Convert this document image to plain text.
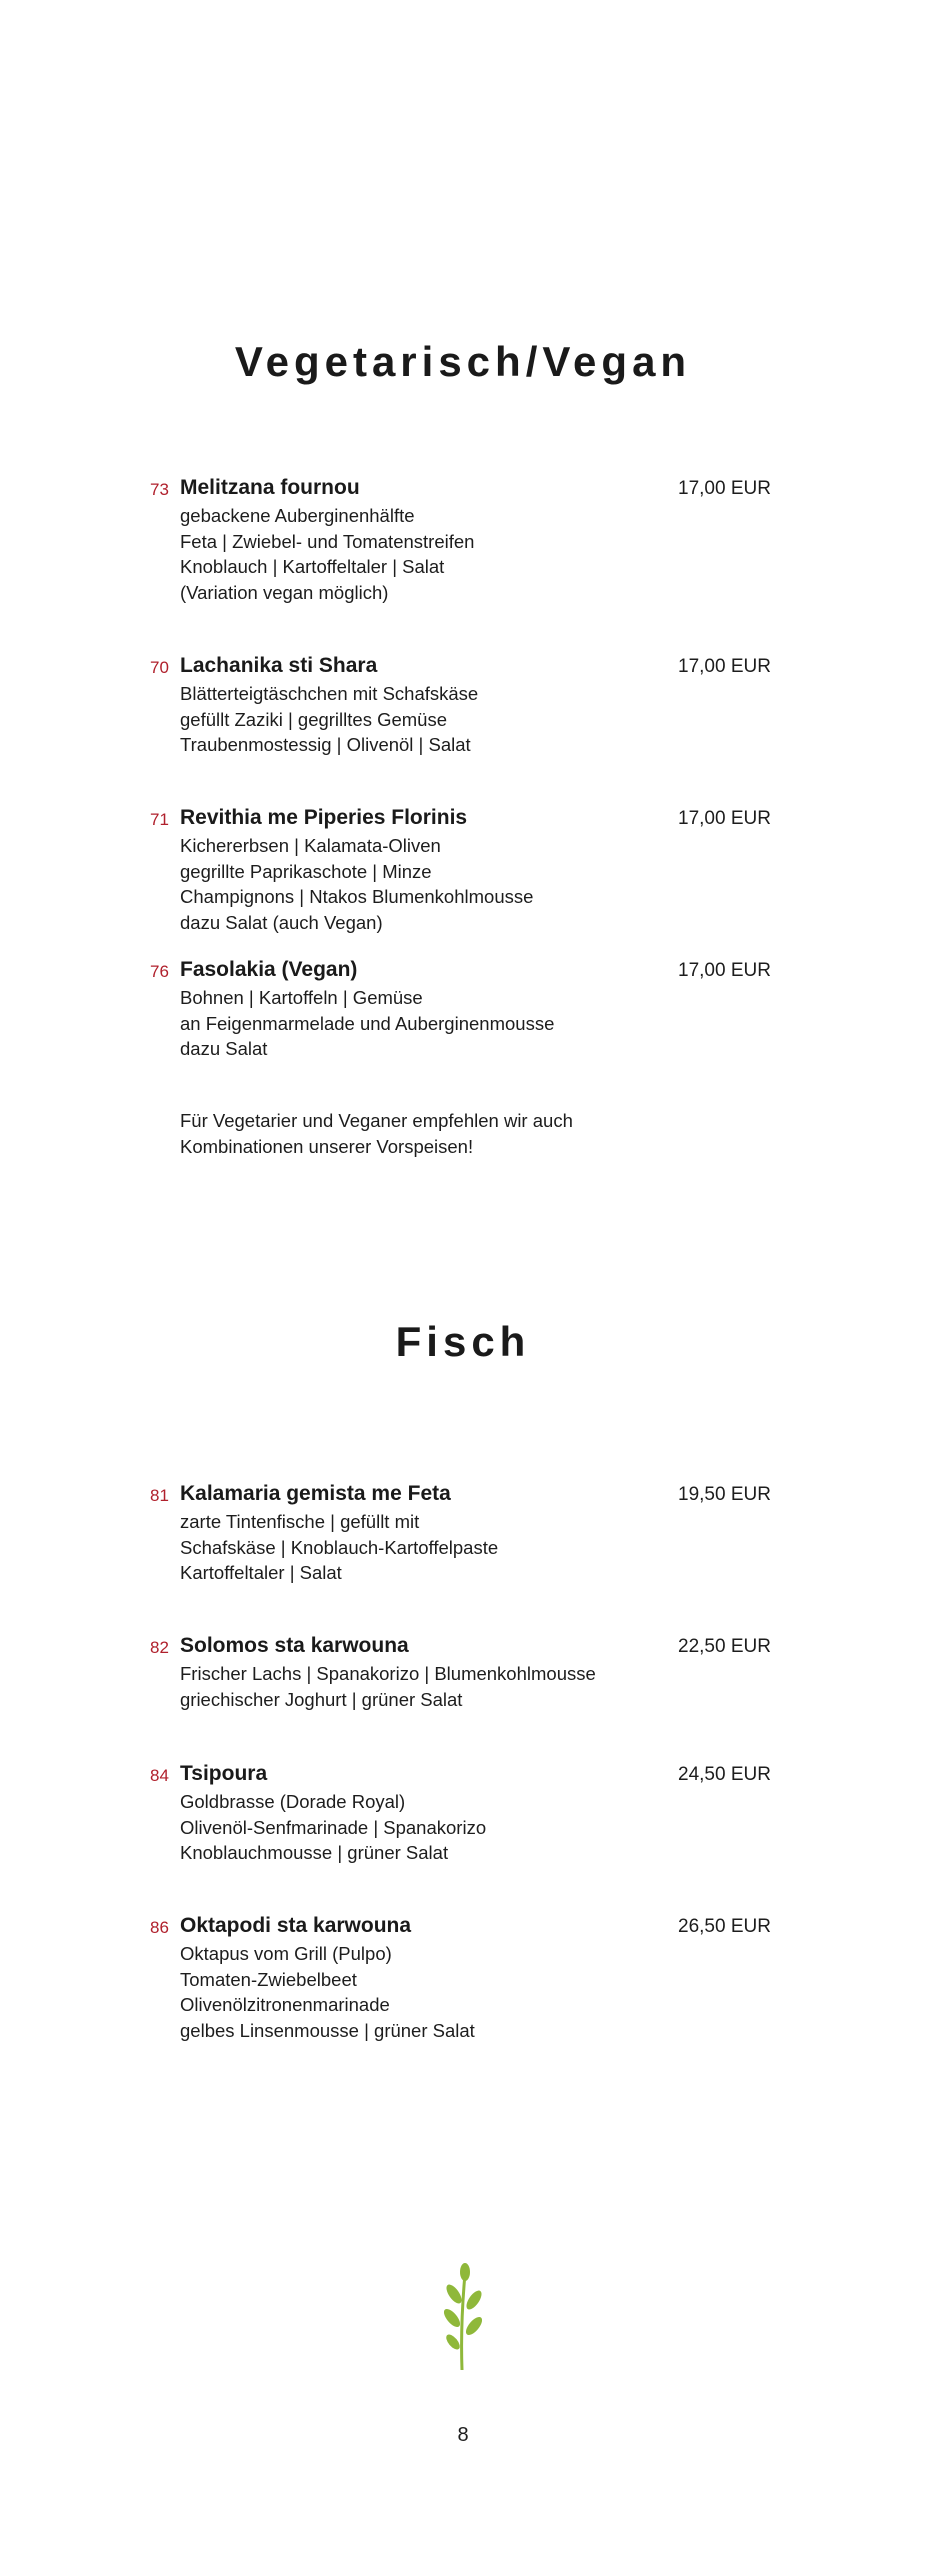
Vegetarisch/Vegan
73 Melitzana fournou	17,00 EUR
gebackene Auberginenhälfte
Feta | Zwiebel- und Tomatenstreifen
Knoblauch | Kartoffeltaler | Salat
(Variation vegan möglich)
70 Lachanika sti Shara	17,00 EUR
Blätterteigtäschchen mit Schafskäse
gefüllt Zaziki | gegrilltes Gemüse
Traubenmostessig | Olivenöl | Salat
71 Revithia me Piperies Florinis	17,00 EUR
Kichererbsen | Kalamata-Oliven
gegrillte Paprikaschote | Minze
Champignons | Ntakos Blumenkohlmousse
dazu Salat (auch Vegan)
76 Fasolakia (Vegan)	17,00 EUR
Bohnen | Kartoffeln | Gemüse
an Feigenmarmelade und Auberginenmousse
dazu Salat
Für Vegetarier und Veganer empfehlen wir auch
Kombinationen unserer Vorspeisen!
Fisch
81 Kalamaria gemista me Feta	19,50 EUR
zarte Tintenfische | gefüllt mit
Schafskäse | Knoblauch-Kartoffelpaste
Kartoffeltaler | Salat
82 Solomos sta karwouna	22,50 EUR
Frischer Lachs | Spanakorizo | Blumenkohlmousse
griechischer Joghurt | grüner Salat
84 Tsipoura	24,50 EUR
Goldbrasse (Dorade Royal)
Olivenöl-Senfmarinade | Spanakorizo
Knoblauchmousse | grüner Salat
86 Oktapodi sta karwouna	26,50 EUR
Oktapus vom Grill (Pulpo)
Tomaten-Zwiebelbeet
Olivenölzitronenmarinade
gelbes Linsenmousse | grüner Salat
8
